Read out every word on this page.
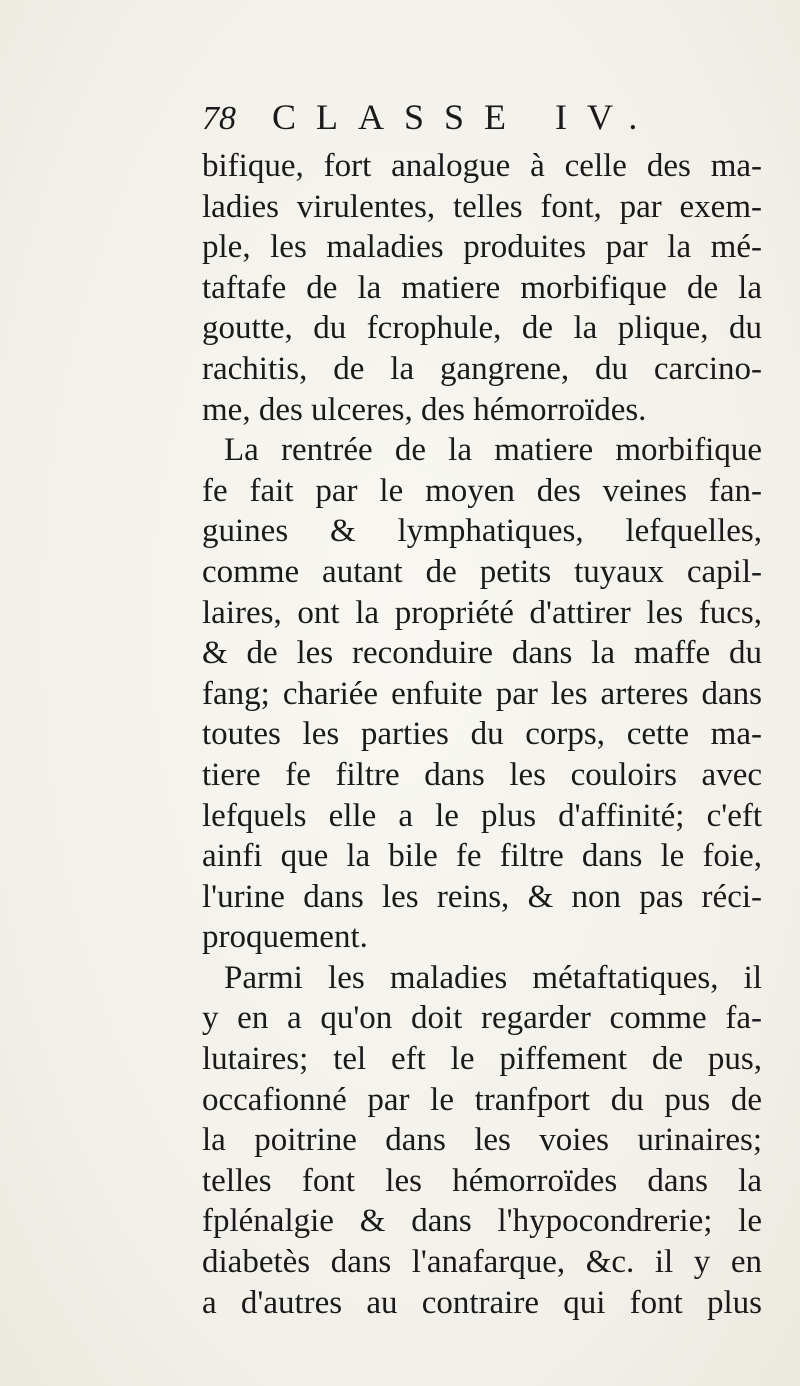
78 CLASSE IV.
bifique, fort analogue à celle des ma-
ladies virulentes, telles font, par exem-
ple, les maladies produites par la mé-
taftafe de la matiere morbifique de la
goutte, du fcrophule, de la plique, du
rachitis, de la gangrene, du carcino-
me, des ulceres, des hémorroïdes.
La rentrée de la matiere morbifique
fe fait par le moyen des veines fan-
guines & lymphatiques, lefquelles,
comme autant de petits tuyaux capil-
laires, ont la propriété d'attirer les fucs,
& de les reconduire dans la maffe du
fang; chariée enfuite par les arteres dans
toutes les parties du corps, cette ma-
tiere fe filtre dans les couloirs avec
lefquels elle a le plus d'affinité; c'eft
ainfi que la bile fe filtre dans le foie,
l'urine dans les reins, & non pas réci-
proquement.
Parmi les maladies métaftatiques, il
y en a qu'on doit regarder comme fa-
lutaires; tel eft le piffement de pus,
occafionné par le tranfport du pus de
la poitrine dans les voies urinaires;
telles font les hémorroïdes dans la
fplénalgie & dans l'hypocondrerie; le
diabetès dans l'anafarque, &c. il y en
a d'autres au contraire qui font plus
